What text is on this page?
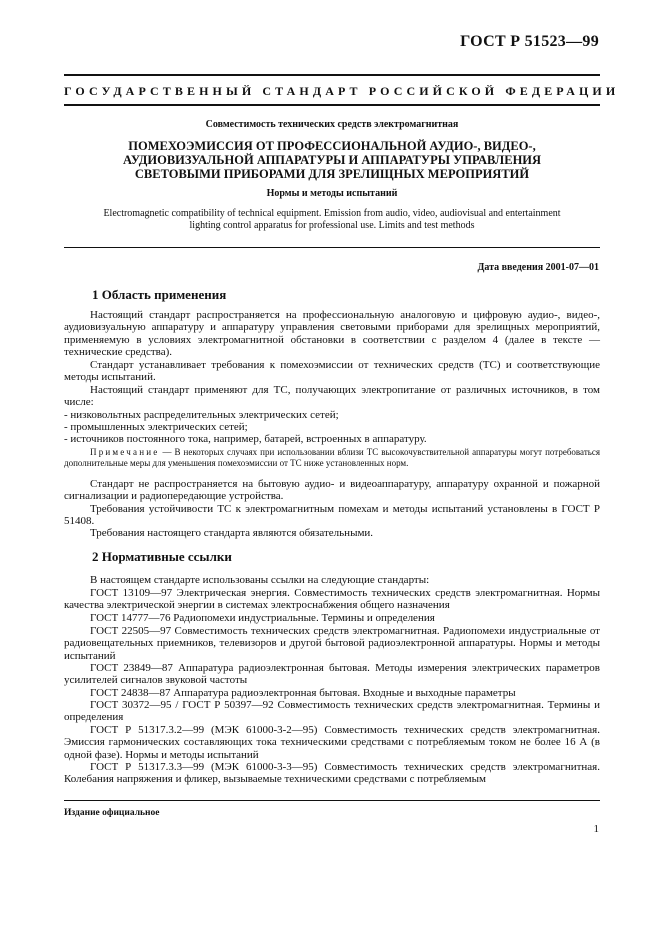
ГОСТ Р 51523—99
ГОСУДАРСТВЕННЫЙ СТАНДАРТ РОССИЙСКОЙ ФЕДЕРАЦИИ
Совместимость технических средств электромагнитная
ПОМЕХОЭМИССИЯ ОТ ПРОФЕССИОНАЛЬНОЙ АУДИО-, ВИДЕО-,
АУДИОВИЗУАЛЬНОЙ АППАРАТУРЫ И АППАРАТУРЫ УПРАВЛЕНИЯ
СВЕТОВЫМИ ПРИБОРАМИ ДЛЯ ЗРЕЛИЩНЫХ МЕРОПРИЯТИЙ
Нормы и методы испытаний
Electromagnetic compatibility of technical equipment. Emission from audio, video, audiovisual and entertainment
lighting control apparatus for professional use. Limits and test methods
Дата введения 2001-07—01
1 Область применения
Настоящий стандарт распространяется на профессиональную аналоговую и цифровую аудио-, видео-, аудиовизуальную аппаратуру и аппаратуру управления световыми приборами для зрелищных мероприятий, применяемую в условиях электромагнитной обстановки в соответствии с разделом 4 (далее в тексте — технические средства).
Стандарт устанавливает требования к помехоэмиссии от технических средств (ТС) и соответствующие методы испытаний.
Настоящий стандарт применяют для ТС, получающих электропитание от различных источников, в том числе:
- низковольтных распределительных электрических сетей;
- промышленных электрических сетей;
- источников постоянного тока, например, батарей, встроенных в аппаратуру.
Примечание — В некоторых случаях при использовании вблизи ТС высокочувствительной аппаратуры могут потребоваться дополнительные меры для уменьшения помехоэмиссии от ТС ниже установленных норм.
Стандарт не распространяется на бытовую аудио- и видеоаппаратуру, аппаратуру охранной и пожарной сигнализации и радиопередающие устройства.
Требования устойчивости ТС к электромагнитным помехам и методы испытаний установлены в ГОСТ Р 51408.
Требования настоящего стандарта являются обязательными.
2 Нормативные ссылки
В настоящем стандарте использованы ссылки на следующие стандарты:
ГОСТ 13109—97 Электрическая энергия. Совместимость технических средств электромагнитная. Нормы качества электрической энергии в системах электроснабжения общего назначения
ГОСТ 14777—76 Радиопомехи индустриальные. Термины и определения
ГОСТ 22505—97 Совместимость технических средств электромагнитная. Радиопомехи индустриальные от радиовещательных приемников, телевизоров и другой бытовой радиоэлектронной аппаратуры. Нормы и методы испытаний
ГОСТ 23849—87 Аппаратура радиоэлектронная бытовая. Методы измерения электрических параметров усилителей сигналов звуковой частоты
ГОСТ 24838—87 Аппаратура радиоэлектронная бытовая. Входные и выходные параметры
ГОСТ 30372—95 / ГОСТ Р 50397—92 Совместимость технических средств электромагнитная. Термины и определения
ГОСТ Р 51317.3.2—99 (МЭК 61000-3-2—95) Совместимость технических средств электромагнитная. Эмиссия гармонических составляющих тока техническими средствами с потребляемым током не более 16 А (в одной фазе). Нормы и методы испытаний
ГОСТ Р 51317.3.3—99 (МЭК 61000-3-3—95) Совместимость технических средств электромагнитная. Колебания напряжения и фликер, вызываемые техническими средствами с потребляемым
Издание официальное
1
